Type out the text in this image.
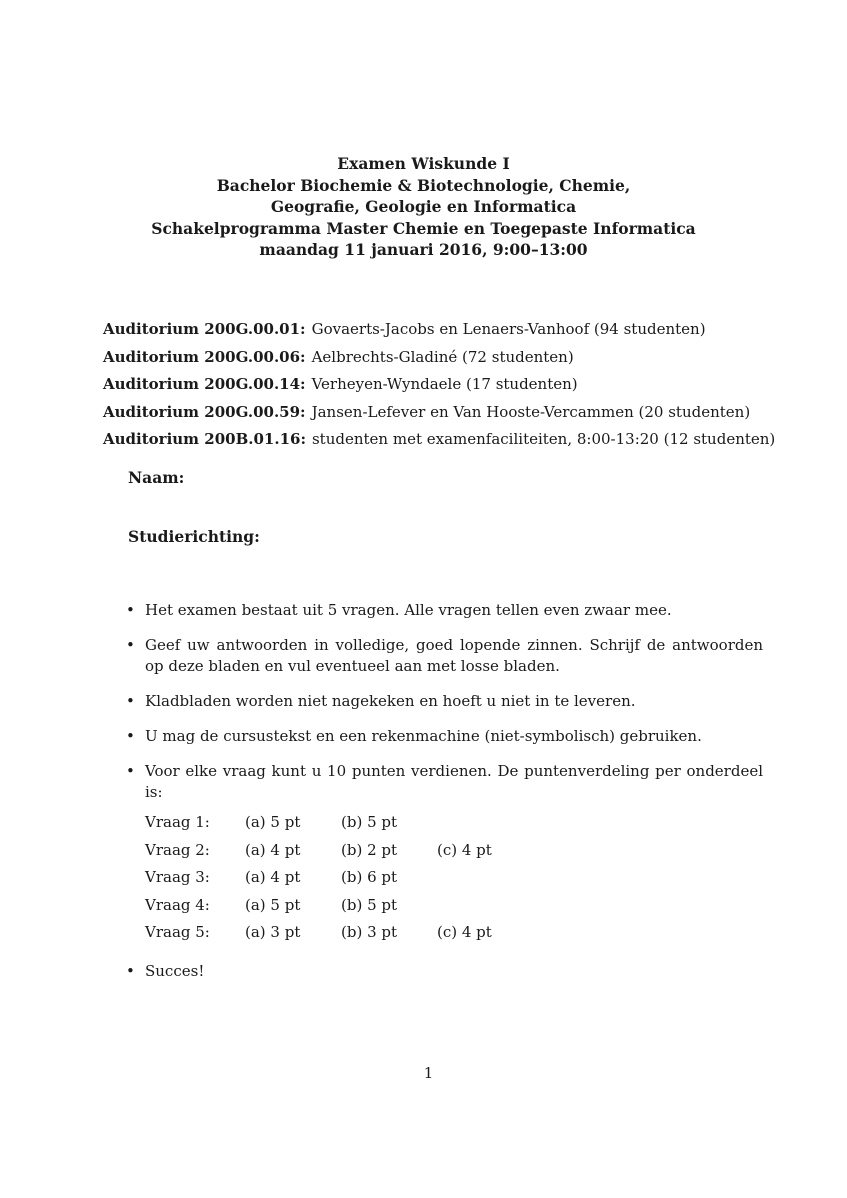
Examen Wiskunde I
Bachelor Biochemie & Biotechnologie, Chemie,
Geografie, Geologie en Informatica
Schakelprogramma Master Chemie en Toegepaste Informatica
maandag 11 januari 2016, 9:00–13:00
Auditorium 200G.00.01: Govaerts-Jacobs en Lenaers-Vanhoof (94 studenten)
Auditorium 200G.00.06: Aelbrechts-Gladiné (72 studenten)
Auditorium 200G.00.14: Verheyen-Wyndaele (17 studenten)
Auditorium 200G.00.59: Jansen-Lefever en Van Hooste-Vercammen (20 studenten)
Auditorium 200B.01.16: studenten met examenfaciliteiten, 8:00-13:20 (12 studenten)
Naam:
Studierichting:
• Het examen bestaat uit 5 vragen. Alle vragen tellen even zwaar mee.
• Geef uw antwoorden in volledige, goed lopende zinnen. Schrijf de antwoorden op deze bladen en vul eventueel aan met losse bladen.
• Kladbladen worden niet nagekeken en hoeft u niet in te leveren.
• U mag de cursustekst en een rekenmachine (niet-symbolisch) gebruiken.
• Voor elke vraag kunt u 10 punten verdienen. De puntenverdeling per onderdeel is:
Vraag 1:	(a) 5 pt	(b) 5 pt	
Vraag 2:	(a) 4 pt	(b) 2 pt	(c) 4 pt
Vraag 3:	(a) 4 pt	(b) 6 pt	
Vraag 4:	(a) 5 pt	(b) 5 pt	
Vraag 5:	(a) 3 pt	(b) 3 pt	(c) 4 pt
• Succes!
1
